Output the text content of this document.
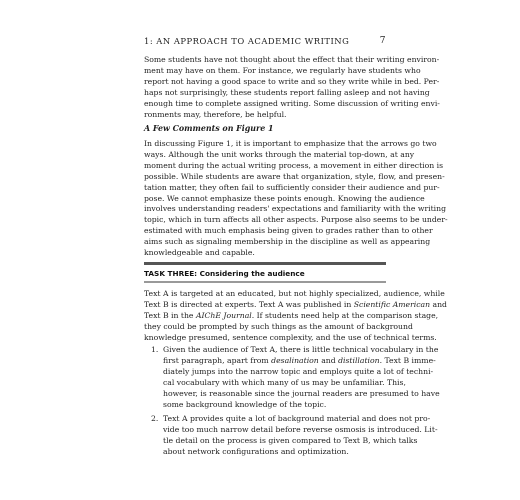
1: AN APPROACH TO ACADEMIC WRITING	7

Some students have not thought about the effect that their writing environ-
ment may have on them. For instance, we regularly have students who
report not having a good space to write and so they write while in bed. Per-
haps not surprisingly, these students report falling asleep and not having
enough time to complete assigned writing. Some discussion of writing envi-
ronments may, therefore, be helpful.

A Few Comments on Figure 1

In discussing Figure 1, it is important to emphasize that the arrows go two
ways. Although the unit works through the material top-down, at any
moment during the actual writing process, a movement in either direction is
possible. While students are aware that organization, style, flow, and presen-
tation matter, they often fail to sufficiently consider their audience and pur-
pose. We cannot emphasize these points enough. Knowing the audience
involves understanding readers' expectations and familiarity with the writing
topic, which in turn affects all other aspects. Purpose also seems to be under-
estimated with much emphasis being given to grades rather than to other
aims such as signaling membership in the discipline as well as appearing
knowledgeable and capable.

TASK THREE: Considering the audience

Text A is targeted at an educated, but not highly specialized, audience, while
Text B is directed at experts. Text A was published in Scientific American and
Text B in the AIChE Journal. If students need help at the comparison stage,
they could be prompted by such things as the amount of background
knowledge presumed, sentence complexity, and the use of technical terms.

1. Given the audience of Text A, there is little technical vocabulary in the
first paragraph, apart from desalination and distillation. Text B imme-
diately jumps into the narrow topic and employs quite a lot of techni-
cal vocabulary with which many of us may be unfamiliar. This,
however, is reasonable since the journal readers are presumed to have
some background knowledge of the topic.

2. Text A provides quite a lot of background material and does not pro-
vide too much narrow detail before reverse osmosis is introduced. Lit-
tle detail on the process is given compared to Text B, which talks
about network configurations and optimization.
